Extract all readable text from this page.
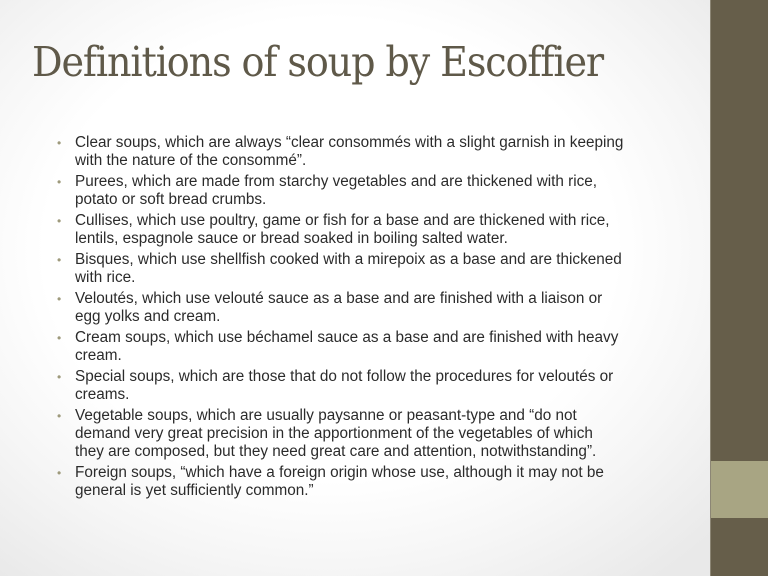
Definitions of soup by Escoffier
• Clear soups, which are always “clear consommés with a slight garnish in keeping
with the nature of the consommé”.
• Purees, which are made from starchy vegetables and are thickened with rice,
potato or soft bread crumbs.
• Cullises, which use poultry, game or fish for a base and are thickened with rice,
lentils, espagnole sauce or bread soaked in boiling salted water.
• Bisques, which use shellfish cooked with a mirepoix as a base and are thickened
with rice.
• Veloutés, which use velouté sauce as a base and are finished with a liaison or
egg yolks and cream.
• Cream soups, which use béchamel sauce as a base and are finished with heavy
cream.
• Special soups, which are those that do not follow the procedures for veloutés or
creams.
• Vegetable soups, which are usually paysanne or peasant-type and “do not
demand very great precision in the apportionment of the vegetables of which
they are composed, but they need great care and attention, notwithstanding”.
• Foreign soups, “which have a foreign origin whose use, although it may not be
general is yet sufficiently common.”
